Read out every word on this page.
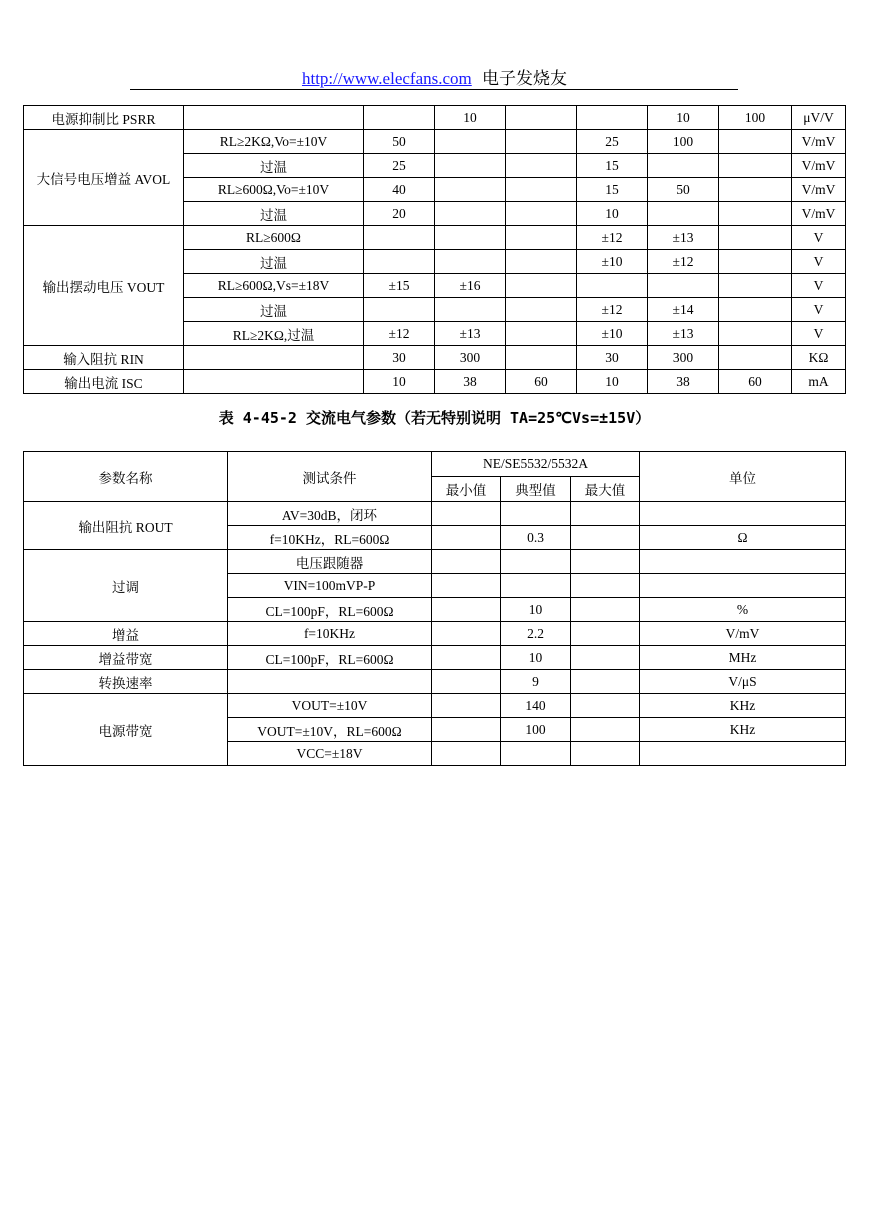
http://www.elecfans.com 电子发烧友
电源抑制比 PSRR			10			10	100	μV/V
大信号电压增益 AVOL	RL≥2KΩ,Vo=±10V	50			25	100		V/mV
	过温	25			15			V/mV
	RL≥600Ω,Vo=±10V	40			15	50		V/mV
	过温	20			10			V/mV
输出摆动电压 VOUT	RL≥600Ω				±12	±13		V
	过温				±10	±12		V
	RL≥600Ω,Vs=±18V	±15	±16					V
	过温				±12	±14		V
	RL≥2KΩ,过温	±12	±13		±10	±13		V
输入阻抗 RIN		30	300		30	300		KΩ
输出电流 ISC		10	38	60	10	38	60	mA
表 4-45-2 交流电气参数（若无特别说明 TA=25℃Vs=±15V）
参数名称	测试条件	NE/SE5532/5532A			单位
		最小值	典型值	最大值	
输出阻抗 ROUT	AV=30dB，闭环				
	f=10KHz，RL=600Ω		0.3		Ω
过调	电压跟随器				
	VIN=100mVP-P				
	CL=100pF，RL=600Ω		10		%
增益	f=10KHz		2.2		V/mV
增益带宽	CL=100pF，RL=600Ω		10		MHz
转换速率			9		V/μS
电源带宽	VOUT=±10V		140		KHz
	VOUT=±10V，RL=600Ω		100		KHz
	VCC=±18V				
